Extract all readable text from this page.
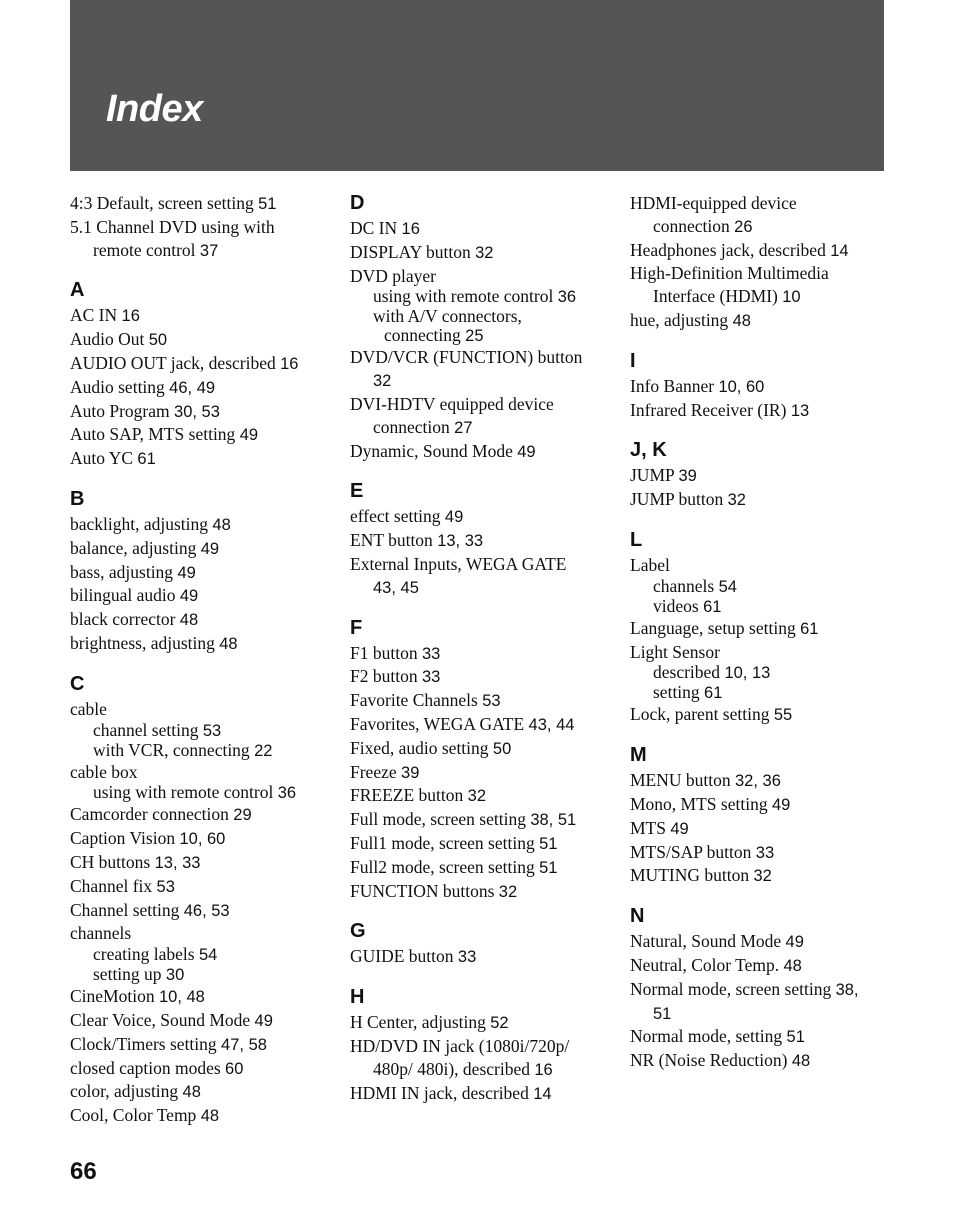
Index
4:3 Default, screen setting 51
5.1 Channel DVD using with
remote control 37
A
AC IN 16
Audio Out 50
AUDIO OUT jack, described 16
Audio setting 46, 49
Auto Program 30, 53
Auto SAP, MTS setting 49
Auto YC 61
B
backlight, adjusting 48
balance, adjusting 49
bass, adjusting 49
bilingual audio 49
black corrector 48
brightness, adjusting 48
C
cable
channel setting 53
with VCR, connecting 22
cable box
using with remote control 36
Camcorder connection 29
Caption Vision 10, 60
CH buttons 13, 33
Channel fix 53
Channel setting 46, 53
channels
creating labels 54
setting up 30
CineMotion 10, 48
Clear Voice, Sound Mode 49
Clock/Timers setting 47, 58
closed caption modes 60
color, adjusting 48
Cool, Color Temp 48
D
DC IN 16
DISPLAY button 32
DVD player
using with remote control 36
with A/V connectors,
connecting 25
DVD/VCR (FUNCTION) button
32
DVI-HDTV equipped device
connection 27
Dynamic, Sound Mode 49
E
effect setting 49
ENT button 13, 33
External Inputs, WEGA GATE
43, 45
F
F1 button 33
F2 button 33
Favorite Channels 53
Favorites, WEGA GATE 43, 44
Fixed, audio setting 50
Freeze 39
FREEZE button 32
Full mode, screen setting 38, 51
Full1 mode, screen setting 51
Full2 mode, screen setting 51
FUNCTION buttons 32
G
GUIDE button 33
H
H Center, adjusting 52
HD/DVD IN jack (1080i/720p/
480p/ 480i), described 16
HDMI IN jack, described 14
HDMI-equipped device
connection 26
Headphones jack, described 14
High-Definition Multimedia
Interface (HDMI) 10
hue, adjusting 48
I
Info Banner 10, 60
Infrared Receiver (IR) 13
J, K
JUMP 39
JUMP button 32
L
Label
channels 54
videos 61
Language, setup setting 61
Light Sensor
described 10, 13
setting 61
Lock, parent setting 55
M
MENU button 32, 36
Mono, MTS setting 49
MTS 49
MTS/SAP button 33
MUTING button 32
N
Natural, Sound Mode 49
Neutral, Color Temp. 48
Normal mode, screen setting 38,
51
Normal mode, setting 51
NR (Noise Reduction) 48
66
